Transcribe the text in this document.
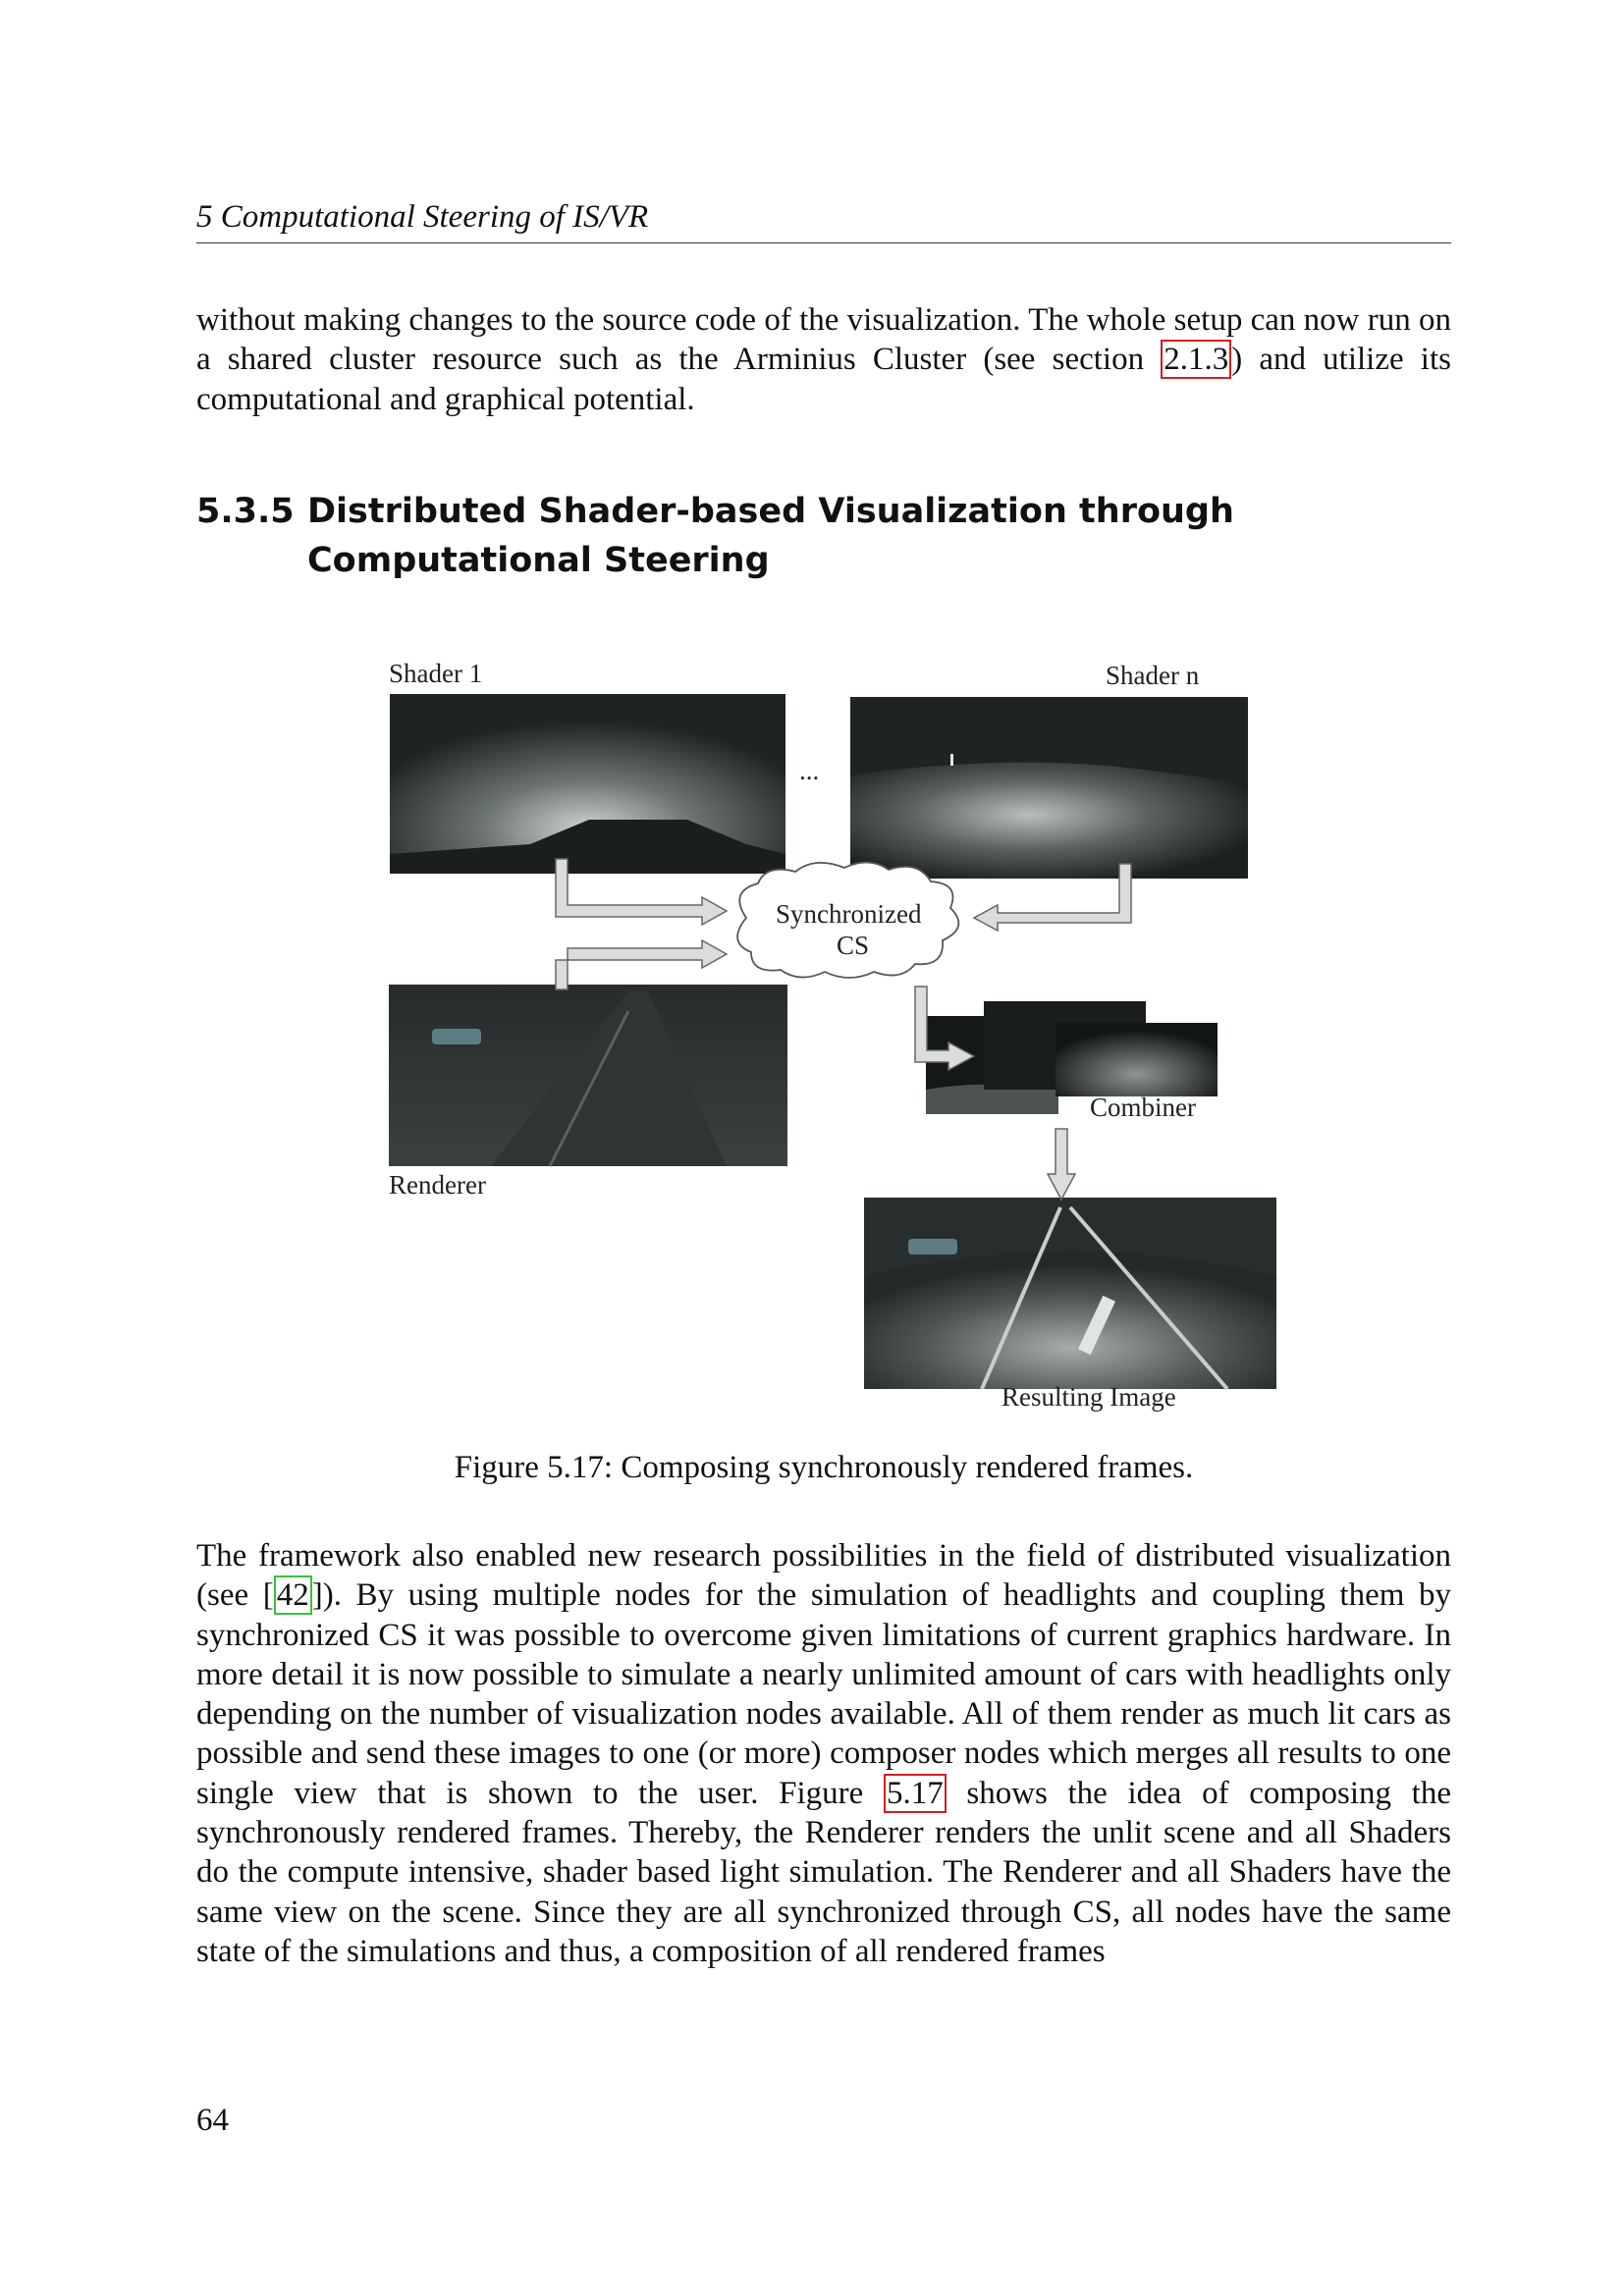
5 Computational Steering of IS/VR

without making changes to the source code of the visualization. The whole setup can now run on a shared cluster resource such as the Arminius Cluster (see section 2.1.3) and utilize its computational and graphical potential.

5.3.5 Distributed Shader-based Visualization through Computational Steering
Shader 1	Shader n
...
Synchronized
CS
Renderer
Combiner
Resulting Image
Figure 5.17: Composing synchronously rendered frames.

The framework also enabled new research possibilities in the field of distributed visualization (see [42]). By using multiple nodes for the simulation of headlights and coupling them by synchronized CS it was possible to overcome given limitations of current graphics hardware. In more detail it is now possible to simulate a nearly unlimited amount of cars with headlights only depending on the number of visualization nodes available. All of them render as much lit cars as possible and send these images to one (or more) composer nodes which merges all results to one single view that is shown to the user. Figure 5.17 shows the idea of composing the synchronously rendered frames. Thereby, the Renderer renders the unlit scene and all Shaders do the compute intensive, shader based light simulation. The Renderer and all Shaders have the same view on the scene. Since they are all synchronized through CS, all nodes have the same state of the simulations and thus, a composition of all rendered frames

64
